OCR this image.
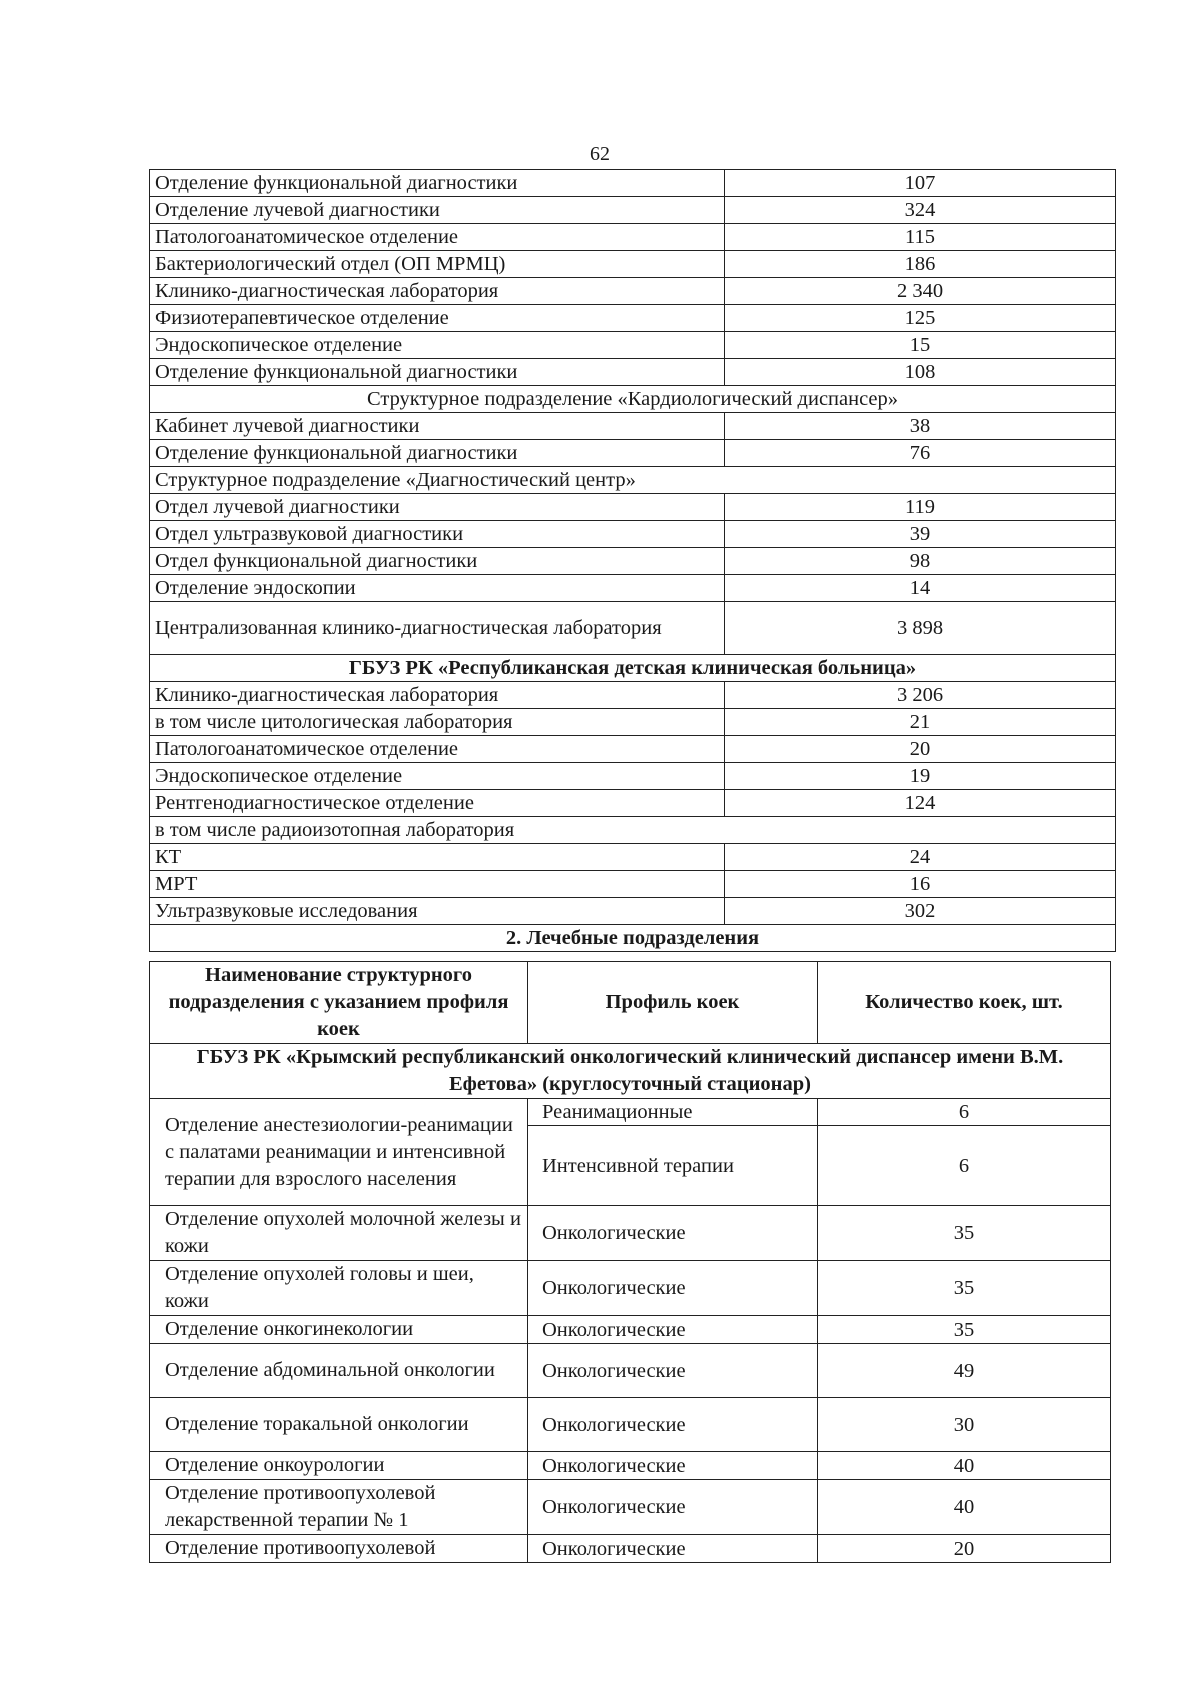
62
Отделение функциональной диагностики	107
Отделение лучевой диагностики	324
Патологоанатомическое отделение	115
Бактериологический отдел (ОП МРМЦ)	186
Клинико-диагностическая лаборатория	2 340
Физиотерапевтическое отделение	125
Эндоскопическое отделение	15
Отделение функциональной диагностики	108
Структурное подразделение «Кардиологический диспансер»	
Кабинет лучевой диагностики	38
Отделение функциональной диагностики	76
Структурное подразделение «Диагностический центр»	
Отдел лучевой диагностики	119
Отдел ультразвуковой диагностики	39
Отдел функциональной диагностики	98
Отделение эндоскопии	14
Централизованная клинико-диагностическая лаборатория	3 898
ГБУЗ РК «Республиканская детская клиническая больница»	
Клинико-диагностическая лаборатория	3 206
в том числе цитологическая лаборатория	21
Патологоанатомическое отделение	20
Эндоскопическое отделение	19
Рентгенодиагностическое отделение	124
в том числе радиоизотопная лаборатория	
КТ	24
МРТ	16
Ультразвуковые исследования	302
2. Лечебные подразделения	
Наименование структурного подразделения с указанием профиля коек	Профиль коек	Количество коек, шт.
ГБУЗ РК «Крымский республиканский онкологический клинический диспансер имени В.М. Ефетова» (круглосуточный стационар)		
Отделение анестезиологии-реанимации с палатами реанимации и интенсивной терапии для взрослого населения	Реанимационные	6
	Интенсивной терапии	6
Отделение опухолей молочной железы и кожи	Онкологические	35
Отделение опухолей головы и шеи, кожи	Онкологические	35
Отделение онкогинекологии	Онкологические	35
Отделение абдоминальной онкологии	Онкологические	49
Отделение торакальной онкологии	Онкологические	30
Отделение онкоурологии	Онкологические	40
Отделение противоопухолевой лекарственной терапии № 1	Онкологические	40
Отделение противоопухолевой	Онкологические	20
